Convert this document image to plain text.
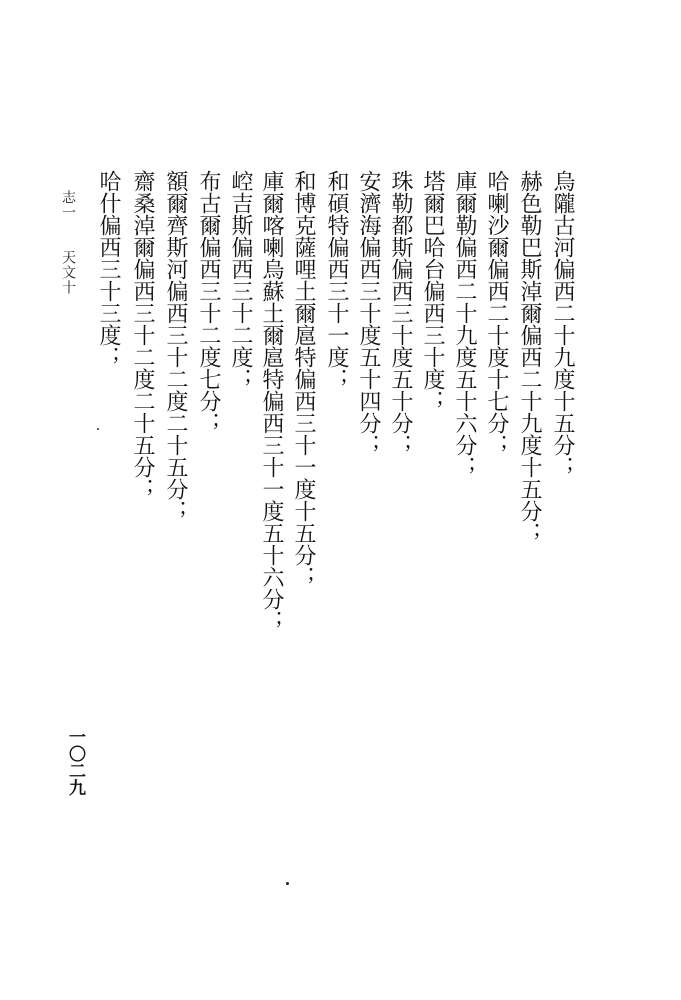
烏隴古河偏西二十九度十五分；
赫色勒巴斯淖爾偏西二十九度十五分；
哈喇沙爾偏西二十度十七分；
庫爾勒偏西二十九度五十六分；
塔爾巴哈台偏西三十度；
珠勒都斯偏西三十度五十分；
安濟海偏西三十度五十四分；
和碩特偏西三十一度；
和博克薩哩土爾扈特偏西三十一度十五分；
庫爾喀喇烏蘇土爾扈特偏西三十一度五十六分；
崆吉斯偏西三十二度；
布古爾偏西三十二度七分；
額爾齊斯河偏西三十二度二十五分；
齋桑淖爾偏西三十二度二十五分；
哈什偏西三十三度；
志一　　天文十
一〇二九
